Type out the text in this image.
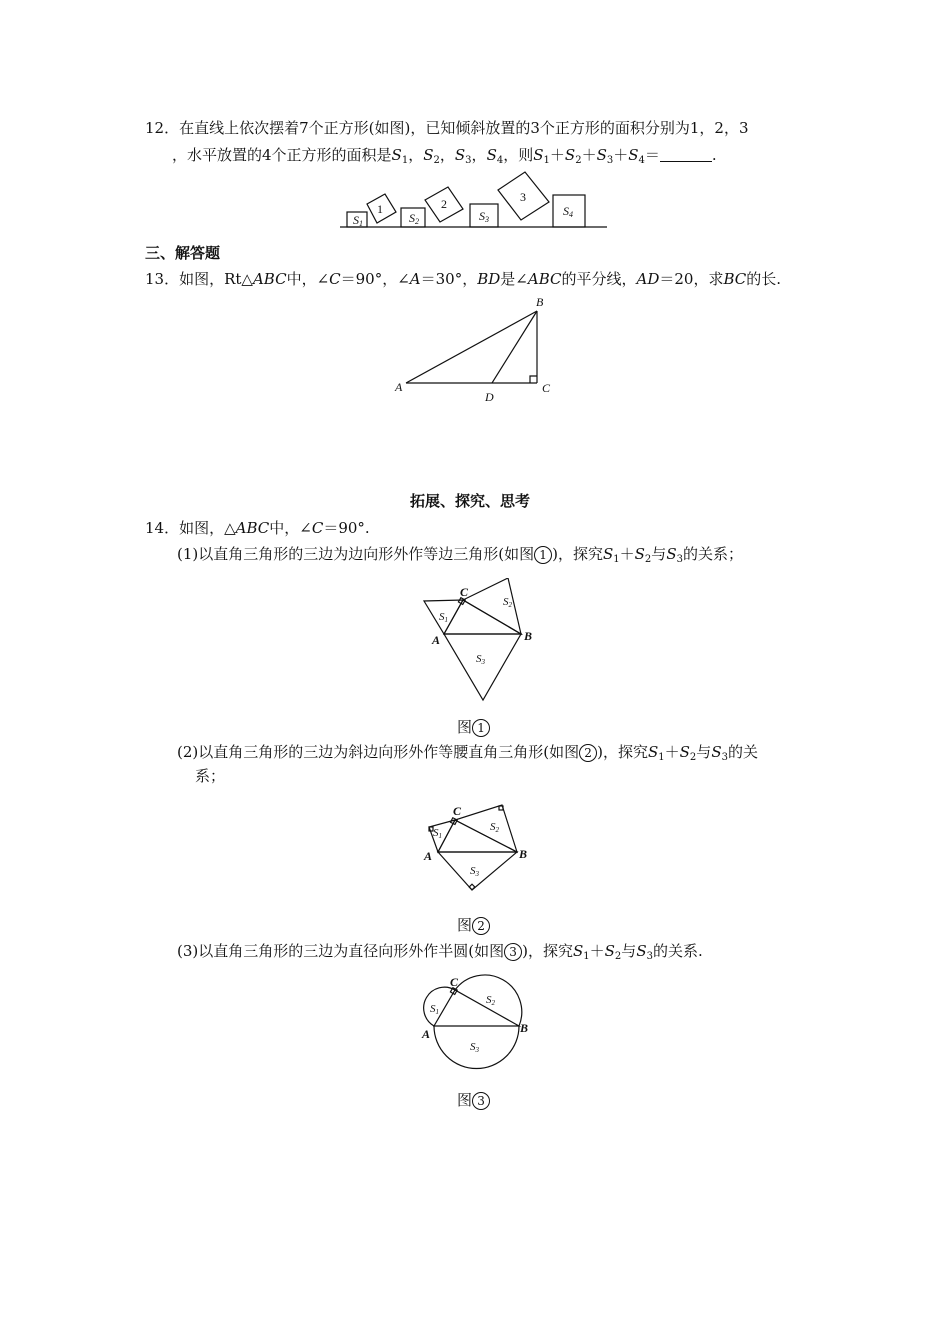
12．在直线上依次摆着7个正方形(如图)，已知倾斜放置的3个正方形的面积分别为1，2，3
，水平放置的4个正方形的面积是$S_1$，$S_2$，$S_3$，$S_4$，则$S_1+S_2+S_3+S_4=$	.
1	2	3
S1	S2	S3
S4
三、解答题
13．如图，Rt△ABC中，∠C＝90°，∠A＝30°，BD是∠ABC的平分线，AD＝20，求BC的长.
A
B
C
D
拓展、探究、思考
14．如图，△ABC中，∠C＝90°.
(1)以直角三角形的三边为边向形外作等边三角形(如图 1 )，探究$S_1+S_2$与$S_3$的关系；
S1
S2
S3
A	B
C
图 1
(2)以直角三角形的三边为斜边向形外作等腰直角三角形(如图 2 )，探究$S_1+S_2$与$S_3$的关
系；
S1
S2
S3
A	B
C
图 2
(3)以直角三角形的三边为直径向形外作半圆(如图 3 )，探究$S_1+S_2$与$S_3$的关系.
S1
S2
S3
A	B
C
图 3
